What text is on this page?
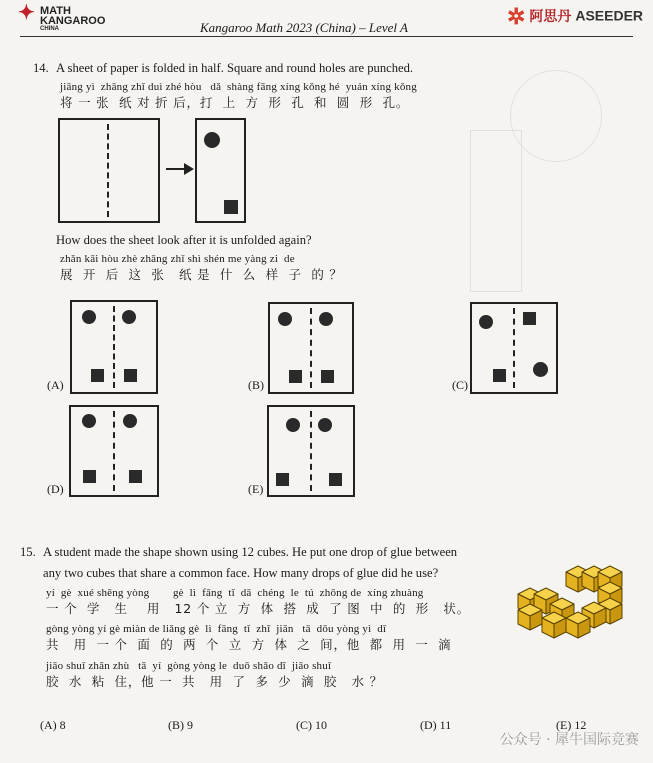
✦ MATH
KANGAROO
CHINA	Kangaroo Math 2023 (China) – Level A	✲ 阿思丹 ASEEDER
14. A sheet of paper is folded in half. Square and round holes are punched.
jiāng yì  zhāng zhǐ duì zhé hòu   dǎ  shàng fāng xíng kǒng hé  yuán xíng kǒng
将 一 张  纸 对 折 后，打  上  方  形  孔  和  圆  形  孔。
How does the sheet look after it is unfolded again?
zhǎn kāi hòu zhè zhāng zhǐ shì shén me yàng zi  de
展  开  后  这  张   纸 是  什  么  样  子  的 ？
(A)	(B)	(C)
(D)	(E)
15. A student made the shape shown using 12 cubes. He put one drop of glue between
any two cubes that share a common face. How many drops of glue did he use?
yí  gè  xué shēng yòng        gè  lì  fāng  tǐ  dā  chéng  le  tú  zhōng de  xíng zhuàng
一 个  学   生    用   12 个 立  方  体  搭  成  了 图  中  的  形   状。
gòng yòng yí gè miàn de liǎng gè  lì  fāng  tǐ  zhī  jiān   tā  dōu yòng yì  dī
共   用  一 个  面  的  两  个  立  方  体  之  间，他  都  用  一  滴
jiāo shuǐ zhān zhù   tā  yí  gòng yòng le  duō shǎo dī  jiāo shuǐ
胶  水  粘  住，他 一  共   用  了  多  少  滴  胶   水 ？
(A) 8	(B) 9	(C) 10	(D) 11	(E) 12
公众号 · 犀牛国际竞赛
